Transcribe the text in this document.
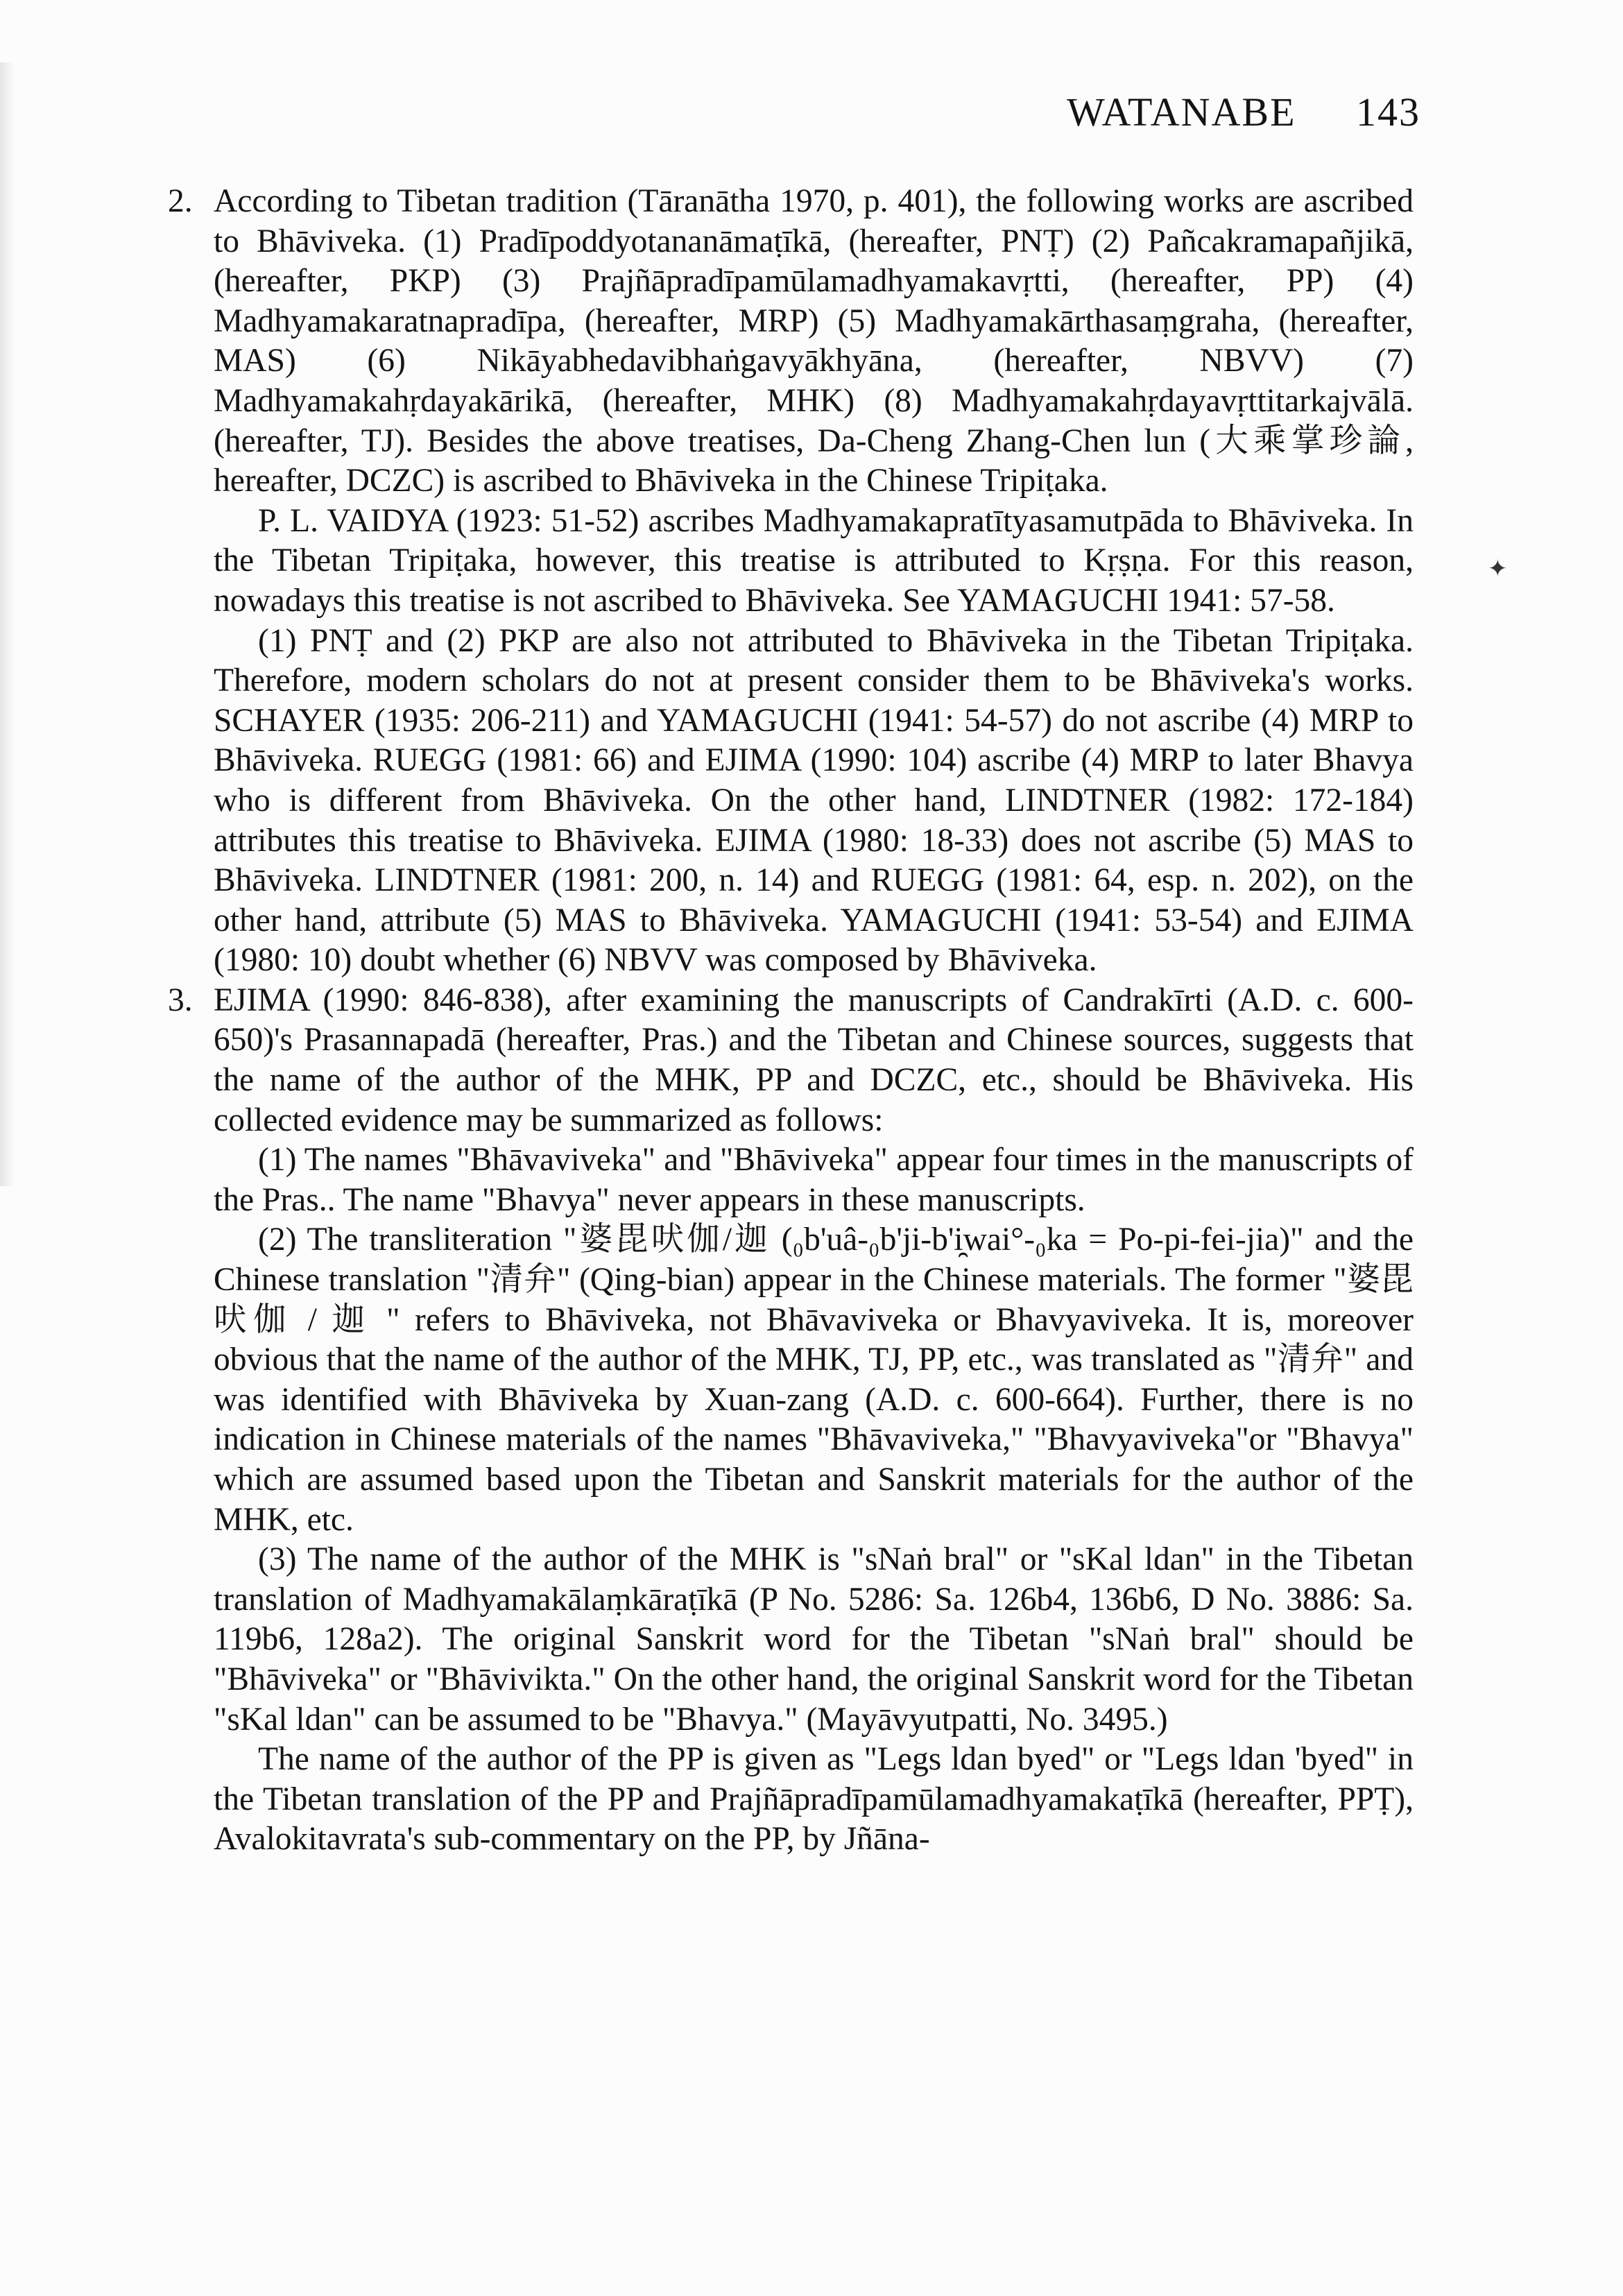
WATANABE 143
✦
2. According to Tibetan tradition (Tāranātha 1970, p. 401), the following works are ascribed to Bhāviveka. (1) Pradīpoddyotananāmaṭīkā, (hereafter, PNṬ) (2) Pañcakramapañjikā, (hereafter, PKP) (3) Prajñāpradīpamūlamadhyamakavṛtti, (hereafter, PP) (4) Madhyamakaratnapradīpa, (hereafter, MRP) (5) Madhyamakārthasaṃgraha, (hereafter, MAS) (6) Nikāyabhedavibhaṅgavyākhyāna, (hereafter, NBVV) (7) Madhyamakahṛdayakārikā, (hereafter, MHK) (8) Madhyamakahṛdayavṛttitarkajvālā. (hereafter, TJ). Besides the above treatises, Da-Cheng Zhang-Chen lun (大乘掌珍論, hereafter, DCZC) is ascribed to Bhāviveka in the Chinese Tripiṭaka.

P. L. VAIDYA (1923: 51-52) ascribes Madhyamakapratītyasamutpāda to Bhāviveka. In the Tibetan Tripiṭaka, however, this treatise is attributed to Kṛṣṇa. For this reason, nowadays this treatise is not ascribed to Bhāviveka. See YAMAGUCHI 1941: 57-58.

(1) PNṬ and (2) PKP are also not attributed to Bhāviveka in the Tibetan Tripiṭaka. Therefore, modern scholars do not at present consider them to be Bhāviveka's works. SCHAYER (1935: 206-211) and YAMAGUCHI (1941: 54-57) do not ascribe (4) MRP to Bhāviveka. RUEGG (1981: 66) and EJIMA (1990: 104) ascribe (4) MRP to later Bhavya who is different from Bhāviveka. On the other hand, LINDTNER (1982: 172-184) attributes this treatise to Bhāviveka. EJIMA (1980: 18-33) does not ascribe (5) MAS to Bhāviveka. LINDTNER (1981: 200, n. 14) and RUEGG (1981: 64, esp. n. 202), on the other hand, attribute (5) MAS to Bhāviveka. YAMAGUCHI (1941: 53-54) and EJIMA (1980: 10) doubt whether (6) NBVV was composed by Bhāviveka.

3. EJIMA (1990: 846-838), after examining the manuscripts of Candrakīrti (A.D. c. 600-650)'s Prasannapadā (hereafter, Pras.) and the Tibetan and Chinese sources, suggests that the name of the author of the MHK, PP and DCZC, etc., should be Bhāviveka. His collected evidence may be summarized as follows:

(1) The names "Bhāvaviveka" and "Bhāviveka" appear four times in the manuscripts of the Pras.. The name "Bhavya" never appears in these manuscripts.

(2) The transliteration "婆毘吠伽/迦 (₀b'uâ-₀b'ji-b'i̯wai°-₀ka = Po-pi-fei-jia)" and the Chinese translation "清弁" (Qing-bian) appear in the Chinese materials. The former "婆毘吠伽 / 迦 " refers to Bhāviveka, not Bhāvaviveka or Bhavyaviveka. It is, moreover obvious that the name of the author of the MHK, TJ, PP, etc., was translated as "清弁" and was identified with Bhāviveka by Xuan-zang (A.D. c. 600-664). Further, there is no indication in Chinese materials of the names "Bhāvaviveka," "Bhavyaviveka"or "Bhavya" which are assumed based upon the Tibetan and Sanskrit materials for the author of the MHK, etc.

(3) The name of the author of the MHK is "sNaṅ bral" or "sKal ldan" in the Tibetan translation of Madhyamakālaṃkāraṭīkā (P No. 5286: Sa. 126b4, 136b6, D No. 3886: Sa. 119b6, 128a2). The original Sanskrit word for the Tibetan "sNaṅ bral" should be "Bhāviveka" or "Bhāvivikta." On the other hand, the original Sanskrit word for the Tibetan "sKal ldan" can be assumed to be "Bhavya." (Mayāvyutpatti, No. 3495.)

The name of the author of the PP is given as "Legs ldan byed" or "Legs ldan 'byed" in the Tibetan translation of the PP and Prajñāpradīpamūlamadhyamakaṭīkā (hereafter, PPṬ), Avalokitavrata's sub-commentary on the PP, by Jñāna-
